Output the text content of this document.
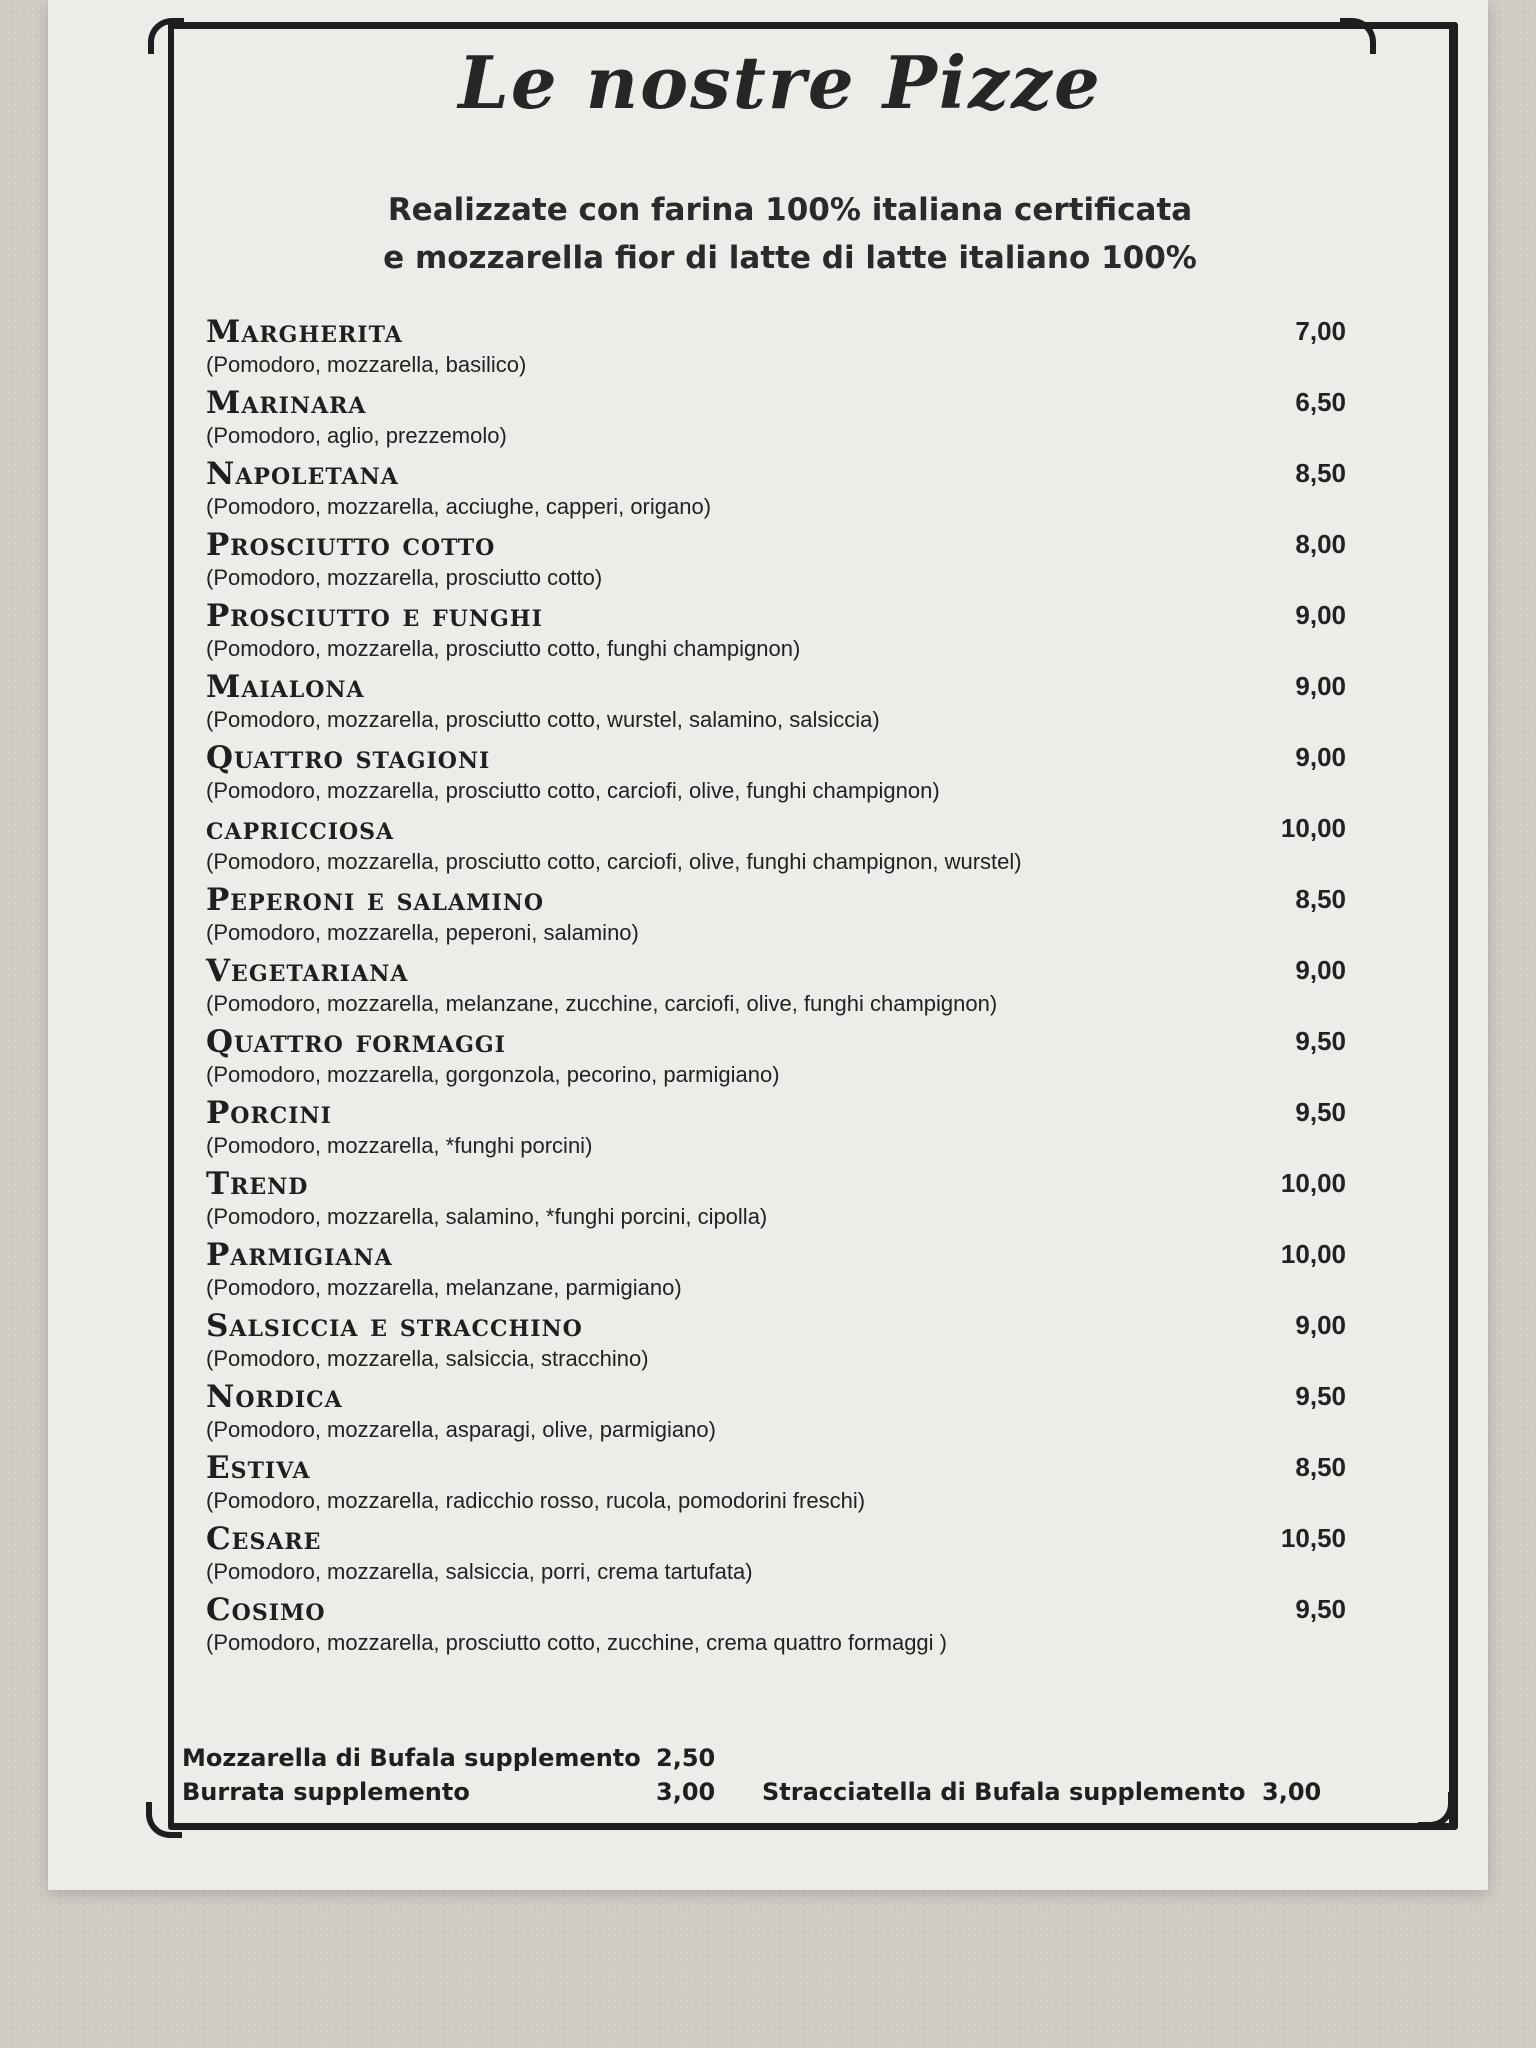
Le nostre Pizze
Realizzate con farina 100% italiana certificata
e mozzarella fior di latte di latte italiano 100%
Margherita	7,00
(Pomodoro, mozzarella, basilico)
Marinara	6,50
(Pomodoro, aglio, prezzemolo)
Napoletana	8,50
(Pomodoro, mozzarella, acciughe, capperi, origano)
Prosciutto cotto	8,00
(Pomodoro, mozzarella, prosciutto cotto)
Prosciutto e funghi	9,00
(Pomodoro, mozzarella, prosciutto cotto, funghi champignon)
Maialona	9,00
(Pomodoro, mozzarella, prosciutto cotto, wurstel, salamino, salsiccia)
Quattro stagioni	9,00
(Pomodoro, mozzarella, prosciutto cotto, carciofi, olive, funghi champignon)
capricciosa	10,00
(Pomodoro, mozzarella, prosciutto cotto, carciofi, olive, funghi champignon, wurstel)
Peperoni e salamino	8,50
(Pomodoro, mozzarella, peperoni, salamino)
Vegetariana	9,00
(Pomodoro, mozzarella, melanzane, zucchine, carciofi, olive, funghi champignon)
Quattro formaggi	9,50
(Pomodoro, mozzarella, gorgonzola, pecorino, parmigiano)
Porcini	9,50
(Pomodoro, mozzarella, *funghi porcini)
Trend	10,00
(Pomodoro, mozzarella, salamino, *funghi porcini, cipolla)
Parmigiana	10,00
(Pomodoro, mozzarella, melanzane, parmigiano)
Salsiccia e stracchino	9,00
(Pomodoro, mozzarella, salsiccia, stracchino)
Nordica	9,50
(Pomodoro, mozzarella, asparagi, olive, parmigiano)
Estiva	8,50
(Pomodoro, mozzarella, radicchio rosso, rucola, pomodorini freschi)
Cesare	10,50
(Pomodoro, mozzarella, salsiccia, porri, crema tartufata)
Cosimo	9,50
(Pomodoro, mozzarella, prosciutto cotto, zucchine, crema quattro formaggi )
Mozzarella di Bufala supplemento 2,50
Burrata supplemento	3,00 Stracciatella di Bufala supplemento 3,00
